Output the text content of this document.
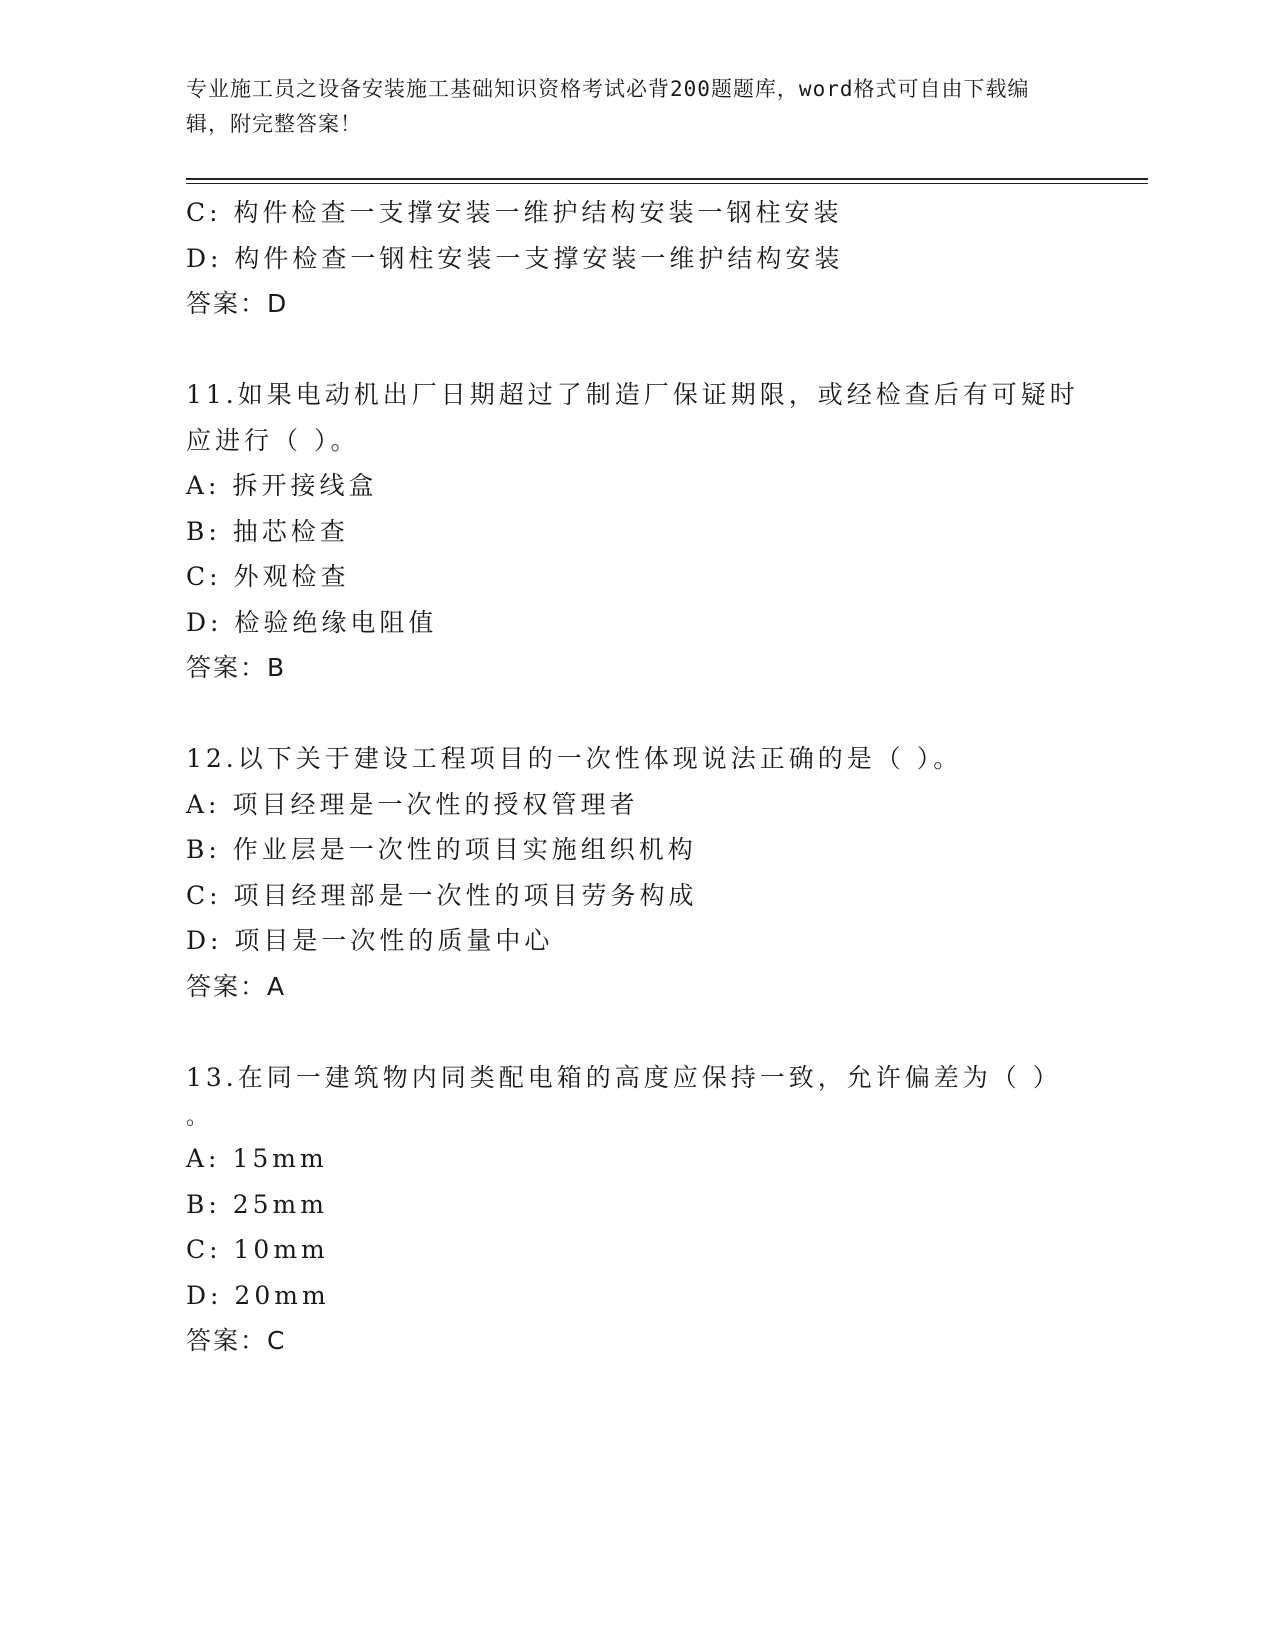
专业施工员之设备安装施工基础知识资格考试必背200题题库，word格式可自由下载编辑，附完整答案！
C: 构件检查一支撑安装一维护结构安装一钢柱安装
D: 构件检查一钢柱安装一支撑安装一维护结构安装
答案：D
11.如果电动机出厂日期超过了制造厂保证期限，或经检查后有可疑时
应进行（ ）。
A: 拆开接线盒
B: 抽芯检查
C: 外观检查
D: 检验绝缘电阻值
答案：B
12.以下关于建设工程项目的一次性体现说法正确的是（ ）。
A: 项目经理是一次性的授权管理者
B: 作业层是一次性的项目实施组织机构
C: 项目经理部是一次性的项目劳务构成
D: 项目是一次性的质量中心
答案：A
13.在同一建筑物内同类配电箱的高度应保持一致，允许偏差为（ ）
。
A: 15mm
B: 25mm
C: 10mm
D: 20mm
答案：C
